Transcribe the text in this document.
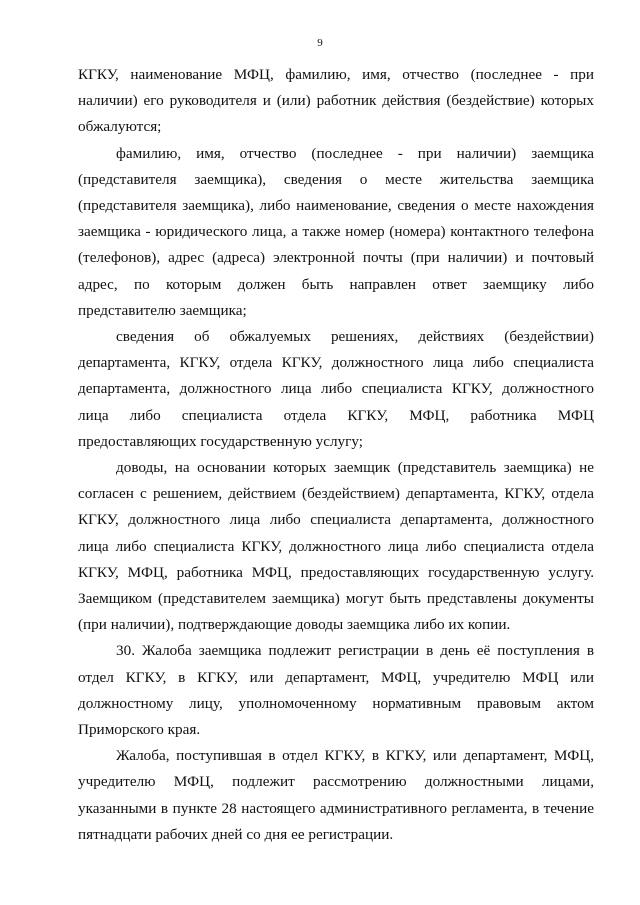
9

КГКУ, наименование МФЦ, фамилию, имя, отчество (последнее - при наличии) его руководителя и (или) работник действия (бездействие) которых обжалуются;

фамилию, имя, отчество (последнее - при наличии) заемщика (представителя заемщика), сведения о месте жительства заемщика (представителя заемщика), либо наименование, сведения о месте нахождения заемщика - юридического лица, а также номер (номера) контактного телефона (телефонов), адрес (адреса) электронной почты (при наличии) и почтовый адрес, по которым должен быть направлен ответ заемщику либо представителю заемщика;

сведения об обжалуемых решениях, действиях (бездействии) департамента, КГКУ, отдела КГКУ, должностного лица либо специалиста департамента, должностного лица либо специалиста КГКУ, должностного лица либо специалиста отдела КГКУ, МФЦ, работника МФЦ предоставляющих государственную услугу;

доводы, на основании которых заемщик (представитель заемщика) не согласен с решением, действием (бездействием) департамента, КГКУ, отдела КГКУ, должностного лица либо специалиста департамента, должностного лица либо специалиста КГКУ, должностного лица либо специалиста отдела КГКУ, МФЦ, работника МФЦ, предоставляющих государственную услугу. Заемщиком (представителем заемщика) могут быть представлены документы (при наличии), подтверждающие доводы заемщика либо их копии.

30. Жалоба заемщика подлежит регистрации в день её поступления в отдел КГКУ, в КГКУ, или департамент, МФЦ, учредителю МФЦ или должностному лицу, уполномоченному нормативным правовым актом Приморского края.

Жалоба, поступившая в отдел КГКУ, в КГКУ, или департамент, МФЦ, учредителю МФЦ, подлежит рассмотрению должностными лицами, указанными в пункте 28 настоящего административного регламента, в течение пятнадцати рабочих дней со дня ее регистрации.
